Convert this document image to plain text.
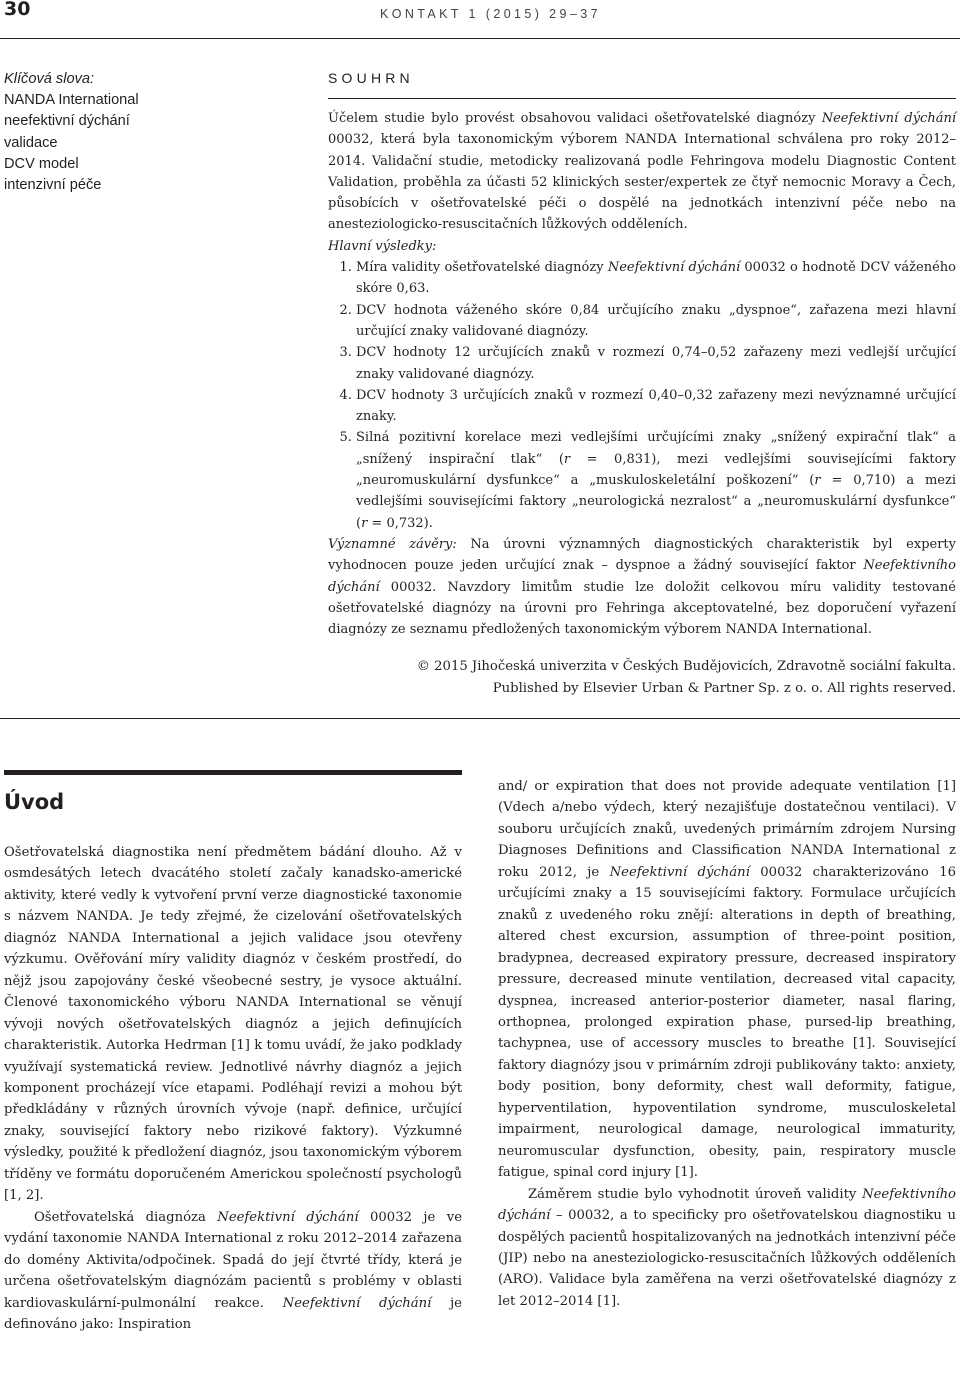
30	KONTAKT 1 (2015) 29–37
Klíčová slova:
NANDA International
neefektivní dýchání
validace
DCV model
intenzivní péče
SOUHRN

Účelem studie bylo provést obsahovou validaci ošetřovatelské diagnózy Neefektivní dýchání 00032, která byla taxonomickým výborem NANDA International schválena pro roky 2012–2014. Validační studie, metodicky realizovaná podle Fehringova modelu Diagnostic Content Validation, proběhla za účasti 52 klinických sester/expertek ze čtyř nemocnic Moravy a Čech, působících v ošetřovatelské péči o dospělé na jednotkách intenzivní péče nebo na anesteziologicko-resuscitačních lůžkových odděleních.

Hlavní výsledky:

1. Míra validity ošetřovatelské diagnózy Neefektivní dýchání 00032 o hodnotě DCV váženého skóre 0,63.
2. DCV hodnota váženého skóre 0,84 určujícího znaku „dyspnoe“, zařazena mezi hlavní určující znaky validované diagnózy.
3. DCV hodnoty 12 určujících znaků v rozmezí 0,74–0,52 zařazeny mezi vedlejší určující znaky validované diagnózy.
4. DCV hodnoty 3 určujících znaků v rozmezí 0,40–0,32 zařazeny mezi nevýznamné určující znaky.
5. Silná pozitivní korelace mezi vedlejšími určujícími znaky „snížený expirační tlak“ a „snížený inspirační tlak“ (r = 0,831), mezi vedlejšími souvisejícími faktory „neuromuskulární dysfunkce“ a „muskuloskeletální poškození“ (r = 0,710) a mezi vedlejšími souvisejícími faktory „neurologická nezralost“ a „neuromuskulární dysfunkce“ (r = 0,732).

Významné závěry: Na úrovni významných diagnostických charakteristik byl experty vyhodnocen pouze jeden určující znak – dyspnoe a žádný související faktor Neefektivního dýchání 00032. Navzdory limitům studie lze doložit celkovou míru validity testované ošetřovatelské diagnózy na úrovni pro Fehringa akceptovatelné, bez doporučení vyřazení diagnózy ze seznamu předložených taxonomickým výborem NANDA International.

© 2015 Jihočeská univerzita v Českých Budějovicích, Zdravotně sociální fakulta.
Published by Elsevier Urban & Partner Sp. z o. o. All rights reserved.

Úvod

Ošetřovatelská diagnostika není předmětem bádání dlouho. Až v osmdesátých letech dvacátého století začaly kanadsko-americké aktivity, které vedly k vytvoření první verze diagnostické taxonomie s názvem NANDA. Je tedy zřejmé, že cizelování ošetřovatelských diagnóz NANDA International a jejich validace jsou otevřeny výzkumu. Ověřování míry validity diagnóz v českém prostředí, do nějž jsou zapojovány české všeobecné sestry, je vysoce aktuální. Členové taxonomického výboru NANDA International se věnují vývoji nových ošetřovatelských diagnóz a jejich definujících charakteristik. Autorka Hedrman [1] k tomu uvádí, že jako podklady využívají systematická review. Jednotlivé návrhy diagnóz a jejich komponent procházejí více etapami. Podléhají revizi a mohou být předkládány v různých úrovních vývoje (např. definice, určující znaky, související faktory nebo rizikové faktory). Výzkumné výsledky, použité k předložení diagnóz, jsou taxonomickým výborem tříděny ve formátu doporučeném Americkou společností psychologů [1, 2].

Ošetřovatelská diagnóza Neefektivní dýchání 00032 je ve vydání taxonomie NANDA International z roku 2012–2014 zařazena do domény Aktivita/odpočinek. Spadá do její čtvrté třídy, která je určena ošetřovatelským diagnózám pacientů s problémy v oblasti kardiovaskulární-pulmonální reakce. Neefektivní dýchání je definováno jako: Inspiration

and/ or expiration that does not provide adequate ventilation [1] (Vdech a/nebo výdech, který nezajišťuje dostatečnou ventilaci). V souboru určujících znaků, uvedených primárním zdrojem Nursing Diagnoses Definitions and Classification NANDA International z roku 2012, je Neefektivní dýchání 00032 charakterizováno 16 určujícími znaky a 15 souvisejícími faktory. Formulace určujících znaků z uvedeného roku znějí: alterations in depth of breathing, altered chest excursion, assumption of three-point position, bradypnea, decreased expiratory pressure, decreased inspiratory pressure, decreased minute ventilation, decreased vital capacity, dyspnea, increased anterior-posterior diameter, nasal flaring, orthopnea, prolonged expiration phase, pursed-lip breathing, tachypnea, use of accessory muscles to breathe [1]. Související faktory diagnózy jsou v primárním zdroji publikovány takto: anxiety, body position, bony deformity, chest wall deformity, fatigue, hyperventilation, hypoventilation syndrome, musculoskeletal impairment, neurological damage, neurological immaturity, neuromuscular dysfunction, obesity, pain, respiratory muscle fatigue, spinal cord injury [1].

Záměrem studie bylo vyhodnotit úroveň validity Neefektivního dýchání – 00032, a to specificky pro ošetřovatelskou diagnostiku u dospělých pacientů hospitalizovaných na jednotkách intenzivní péče (JIP) nebo na anesteziologicko-resuscitačních lůžkových odděleních (ARO). Validace byla zaměřena na verzi ošetřovatelské diagnózy z let 2012–2014 [1].
